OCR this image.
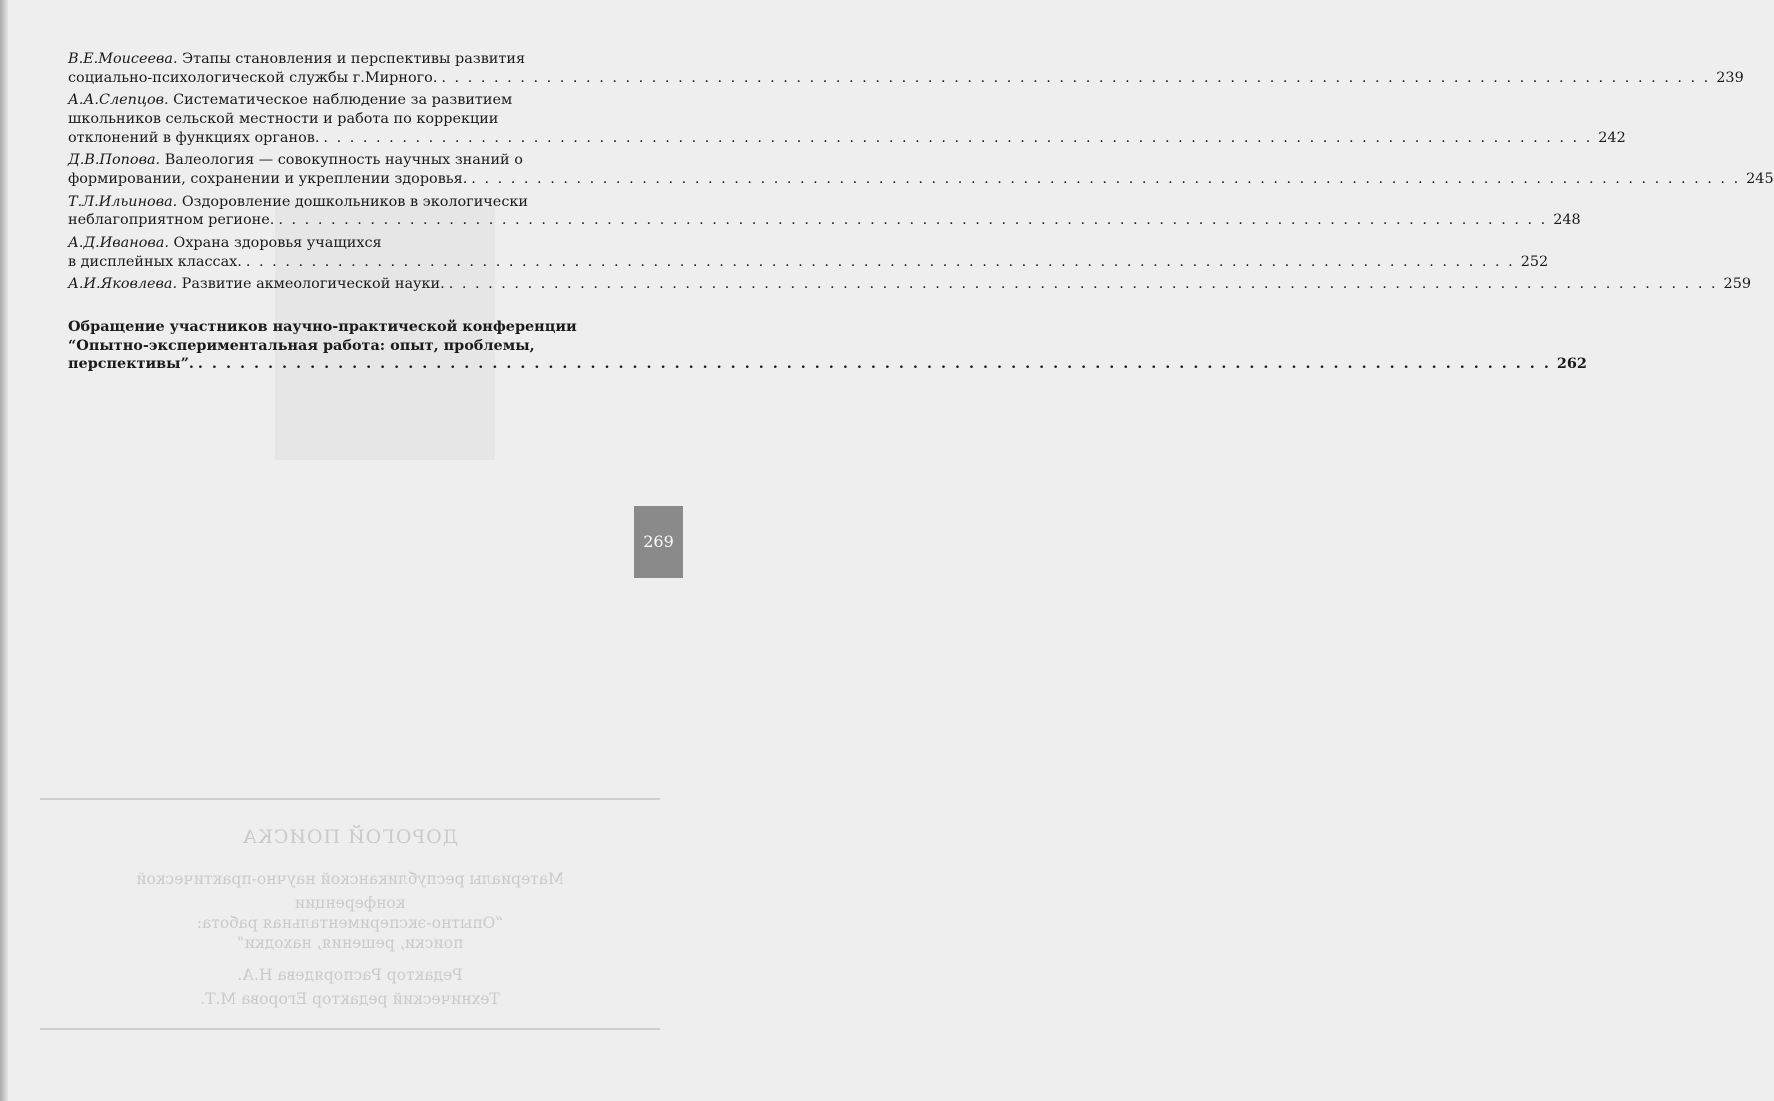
В.Е.Моисеева. Этапы становления и перспективы развития
социально-психологической службы г.Мирного. . . .	239
А.А.Слепцов. Систематическое наблюдение за развитием
школьников сельской местности и работа по коррекции
отклонений в функциях органов. . . .	242
Д.В.Попова. Валеология — совокупность научных знаний о
формировании, сохранении и укреплении здоровья. . . .	245
Т.Л.Ильинова. Оздоровление дошкольников в экологически
неблагоприятном регионе. . . .	248
А.Д.Иванова. Охрана здоровья учащихся
в дисплейных классах. . . .	252
А.И.Яковлева. Развитие акмеологической науки. . . .	259
Обращение участников научно-практической конференции
“Опытно-экспериментальная работа: опыт, проблемы,
перспективы”. . . .	262
269
ДОРОГОЙ ПОИСКА
Материалы республиканской научно-практической
конференции
“Опытно-экспериментальная работа:
поиски, решения, находки”
Редактор Распорядева Н.А.
Технический редактор Егорова М.Т.
